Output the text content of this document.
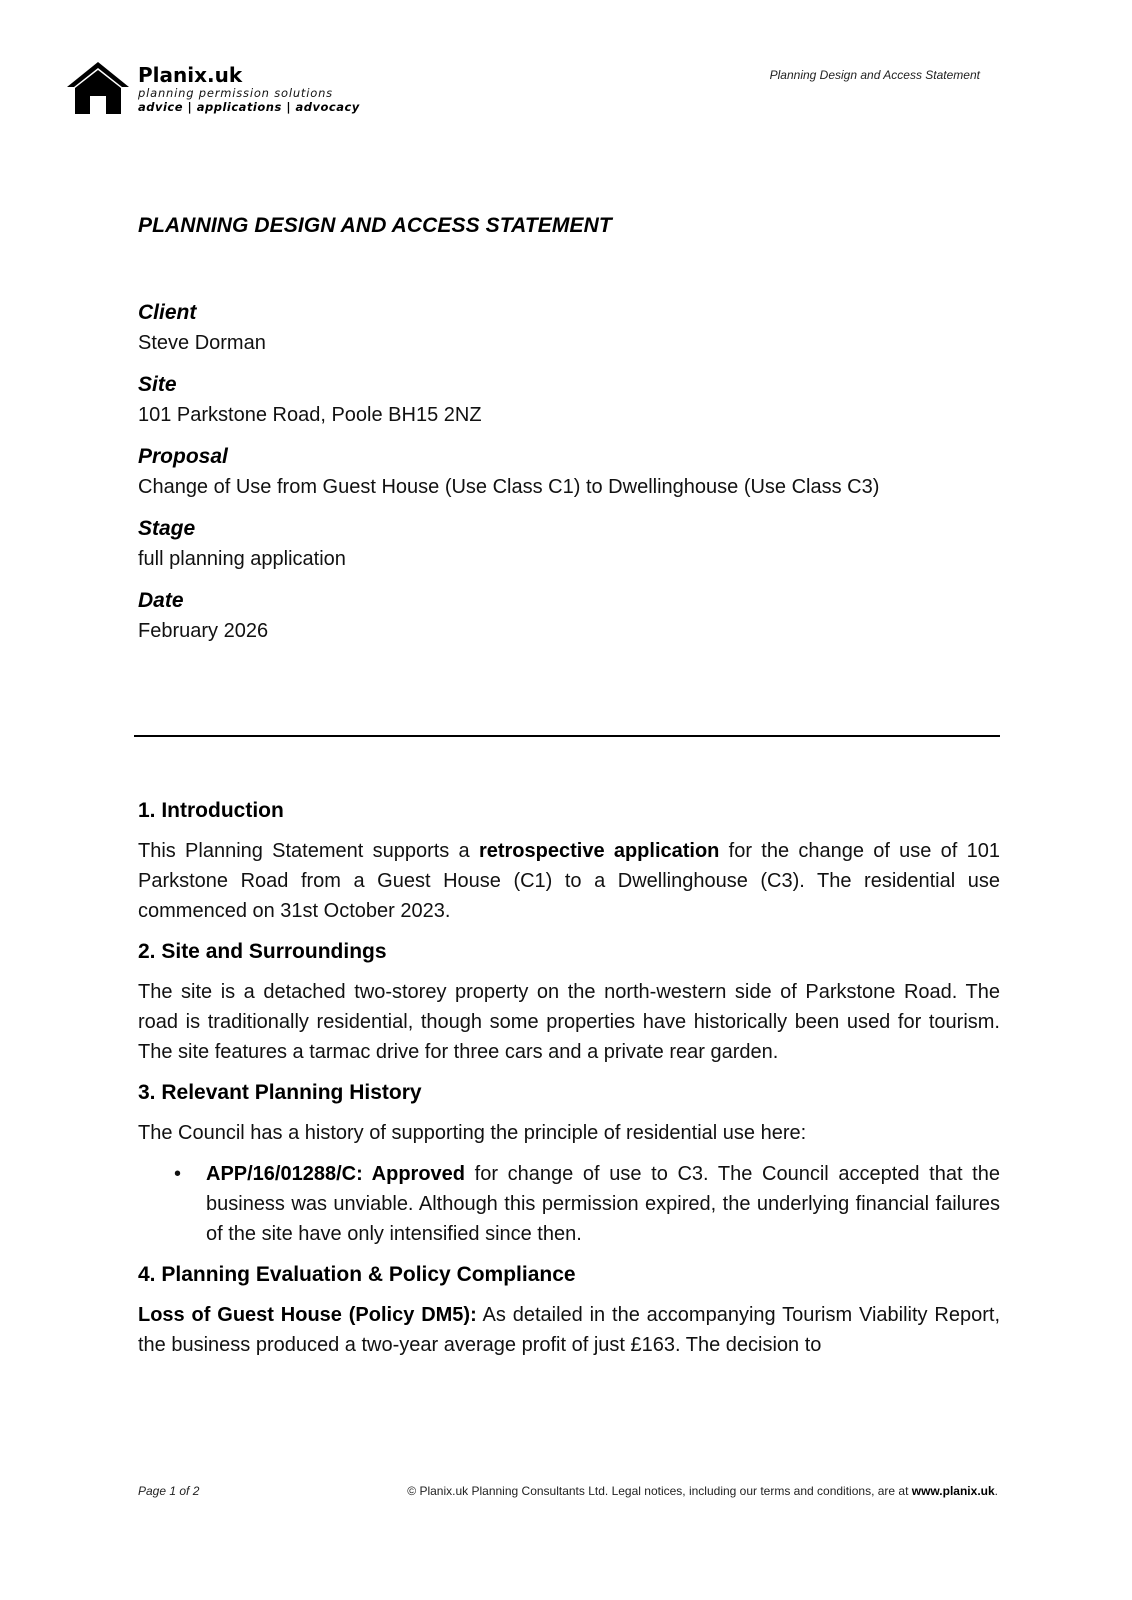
Planix.uk
planning permission solutions
advice | applications | advocacy
Planning Design and Access Statement
PLANNING DESIGN AND ACCESS STATEMENT
Client
Steve Dorman
Site
101 Parkstone Road, Poole BH15 2NZ
Proposal
Change of Use from Guest House (Use Class C1) to Dwellinghouse (Use Class C3)
Stage
full planning application
Date
February 2026
1. Introduction

This Planning Statement supports a retrospective application for the change of use of 101 Parkstone Road from a Guest House (C1) to a Dwellinghouse (C3). The residential use commenced on 31st October 2023.

2. Site and Surroundings

The site is a detached two-storey property on the north-western side of Parkstone Road. The road is traditionally residential, though some properties have historically been used for tourism. The site features a tarmac drive for three cars and a private rear garden.

3. Relevant Planning History

The Council has a history of supporting the principle of residential use here:

• APP/16/01288/C: Approved for change of use to C3. The Council accepted that the business was unviable. Although this permission expired, the underlying financial failures of the site have only intensified since then.
4. Planning Evaluation & Policy Compliance

Loss of Guest House (Policy DM5): As detailed in the accompanying Tourism Viability Report, the business produced a two-year average profit of just £163. The decision to

Page 1 of 2	© Planix.uk Planning Consultants Ltd. Legal notices, including our terms and conditions, are at www.planix.uk.
